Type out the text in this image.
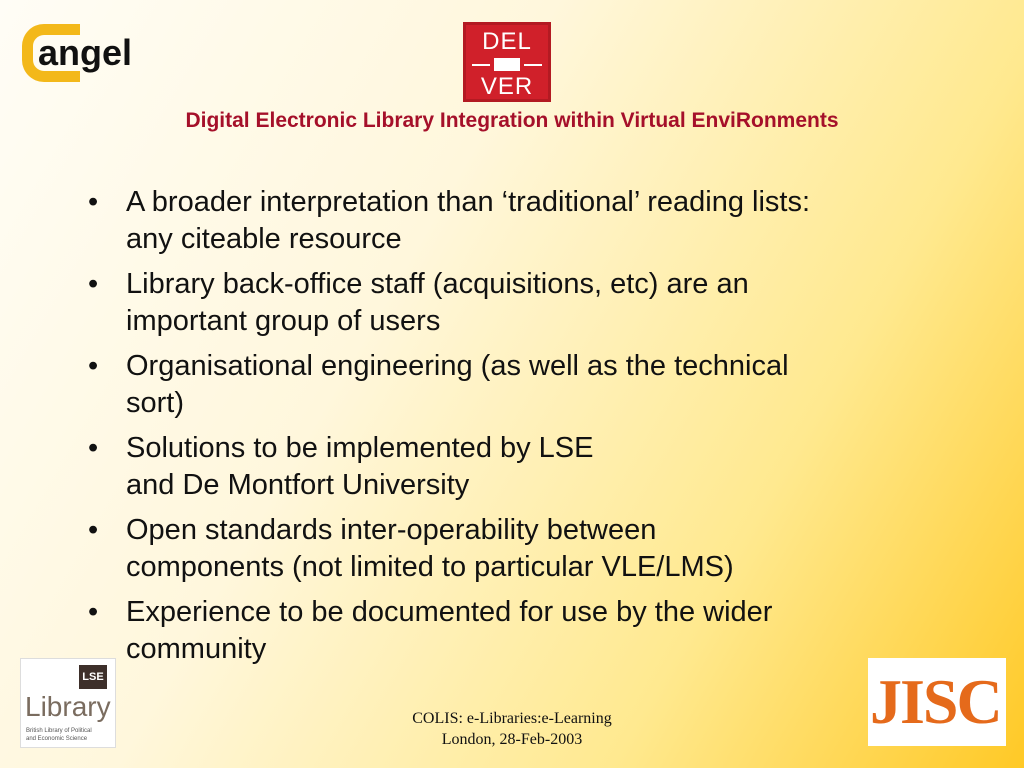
angel	DEL
VER
Digital Electronic Library Integration within Virtual EnviRonments
• A broader interpretation than ‘traditional’ reading lists:
any citeable resource
• Library back-office staff (acquisitions, etc) are an
important group of users
• Organisational engineering (as well as the technical
sort)
• Solutions to be implemented by LSE
and De Montfort University
• Open standards inter-operability between
components (not limited to particular VLE/LMS)
• Experience to be documented for use by the wider
community
LSE
Library
British Library of Political
and Economic Science
JISC
COLIS: e-Libraries:e-Learning
London, 28-Feb-2003
